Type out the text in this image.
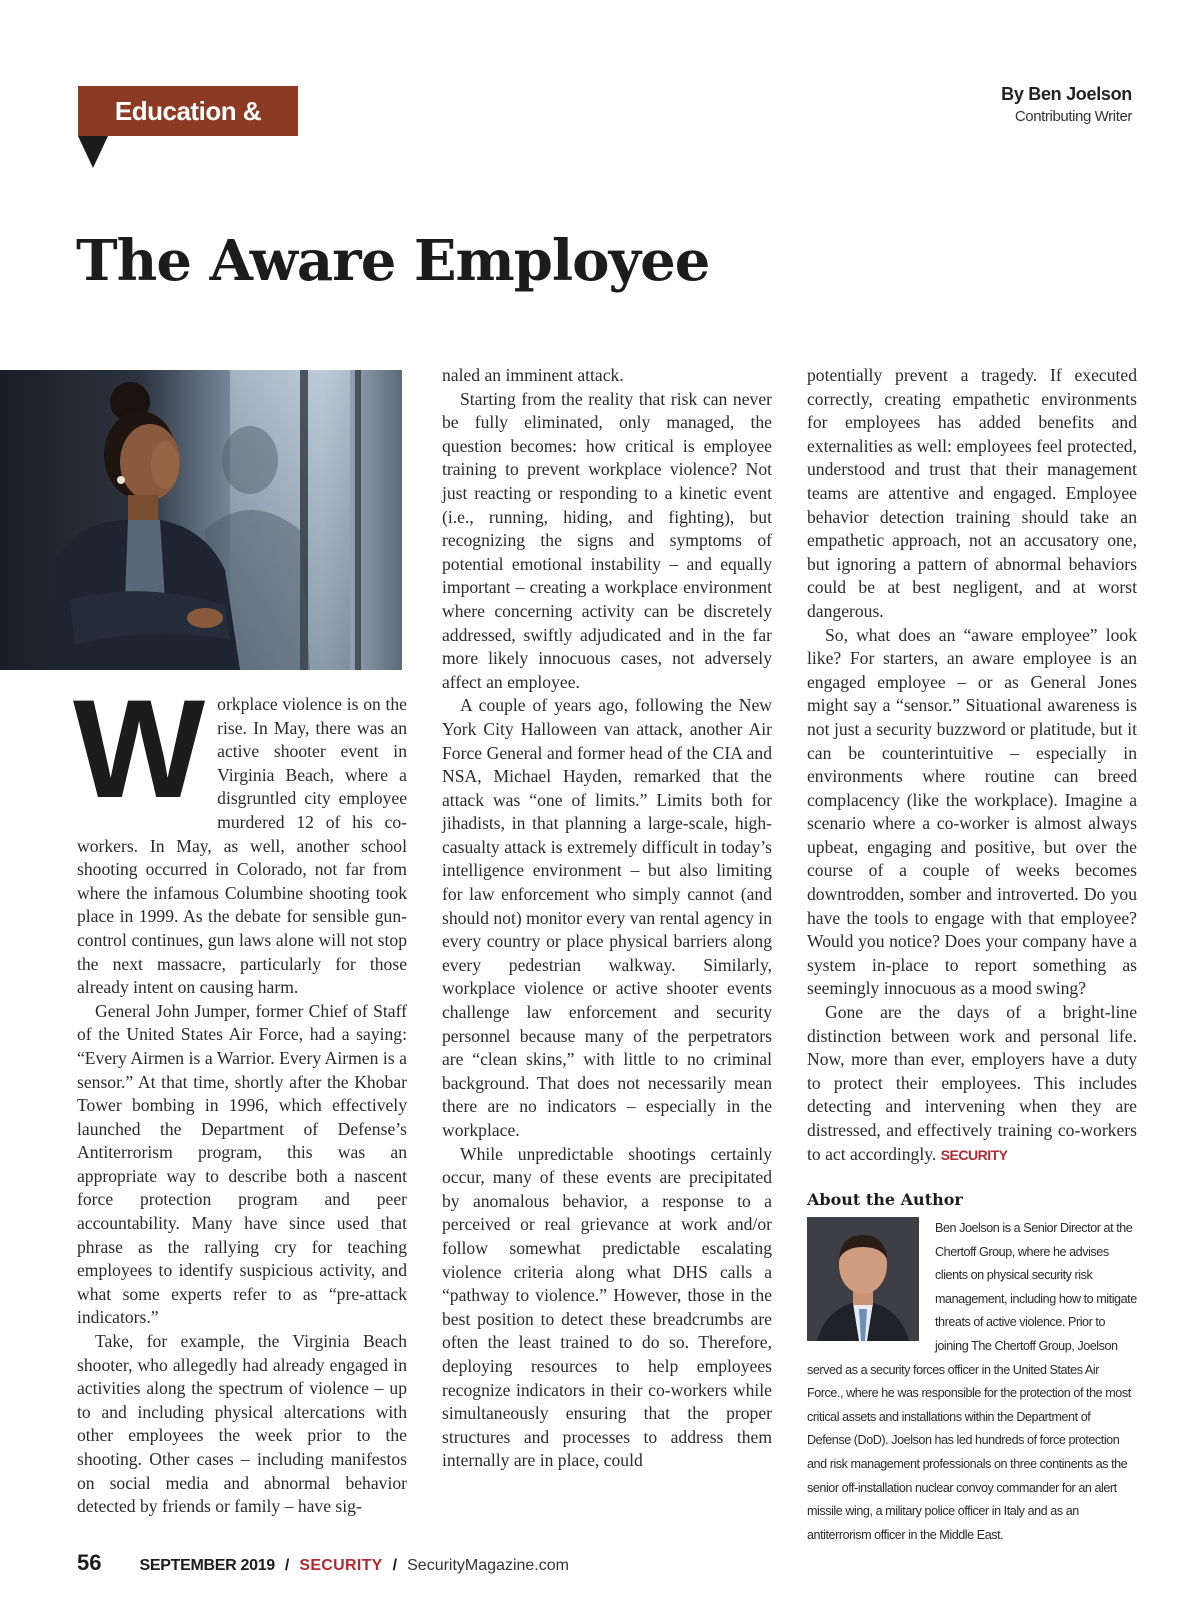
Education & Training
By Ben Joelson
Contributing Writer
The Aware Employee
W orkplace violence is on the rise. In May, there was an active shooter event in Virginia Beach, where a disgruntled city employee murdered 12 of his co-workers. In May, as well, another school shooting occurred in Colorado, not far from where the infamous Columbine shooting took place in 1999. As the debate for sensible gun-control continues, gun laws alone will not stop the next massacre, particularly for those already intent on causing harm.

General John Jumper, former Chief of Staff of the United States Air Force, had a saying: “Every Airmen is a Warrior. Every Airmen is a sensor.” At that time, shortly after the Khobar Tower bombing in 1996, which effectively launched the Department of Defense’s Antiterrorism program, this was an appropriate way to describe both a nascent force protection program and peer accountability. Many have since used that phrase as the rallying cry for teaching employees to identify suspicious activity, and what some experts refer to as “pre-attack indicators.”

Take, for example, the Virginia Beach shooter, who allegedly had already engaged in activities along the spectrum of violence – up to and including physical altercations with other employees the week prior to the shooting. Other cases – including manifestos on social media and abnormal behavior detected by friends or family – have sig-

naled an imminent attack.

Starting from the reality that risk can never be fully eliminated, only managed, the question becomes: how critical is employee training to prevent workplace violence? Not just reacting or responding to a kinetic event (i.e., running, hiding, and fighting), but recognizing the signs and symptoms of potential emotional instability – and equally important – creating a workplace environment where concerning activity can be discretely addressed, swiftly adjudicated and in the far more likely innocuous cases, not adversely affect an employee.

A couple of years ago, following the New York City Halloween van attack, another Air Force General and former head of the CIA and NSA, Michael Hayden, remarked that the attack was “one of limits.” Limits both for jihadists, in that planning a large-scale, high-casualty attack is extremely difficult in today’s intelligence environment – but also limiting for law enforcement who simply cannot (and should not) monitor every van rental agency in every country or place physical barriers along every pedestrian walkway. Similarly, workplace violence or active shooter events challenge law enforcement and security personnel because many of the perpetrators are “clean skins,” with little to no criminal background. That does not necessarily mean there are no indicators – especially in the workplace.

While unpredictable shootings certainly occur, many of these events are precipitated by anomalous behavior, a response to a perceived or real grievance at work and/or follow somewhat predictable escalating violence criteria along what DHS calls a “pathway to violence.” However, those in the best position to detect these breadcrumbs are often the least trained to do so. Therefore, deploying resources to help employees recognize indicators in their co-workers while simultaneously ensuring that the proper structures and processes to address them internally are in place, could

potentially prevent a tragedy. If executed correctly, creating empathetic environments for employees has added benefits and externalities as well: employees feel protected, understood and trust that their management teams are attentive and engaged. Employee behavior detection training should take an empathetic approach, not an accusatory one, but ignoring a pattern of abnormal behaviors could be at best negligent, and at worst dangerous.

So, what does an “aware employee” look like? For starters, an aware employee is an engaged employee – or as General Jones might say a “sensor.” Situational awareness is not just a security buzzword or platitude, but it can be counterintuitive – especially in environments where routine can breed complacency (like the workplace). Imagine a scenario where a co-worker is almost always upbeat, engaging and positive, but over the course of a couple of weeks becomes downtrodden, somber and introverted. Do you have the tools to engage with that employee? Would you notice? Does your company have a system in-place to report something as seemingly innocuous as a mood swing?

Gone are the days of a bright-line distinction between work and personal life. Now, more than ever, employers have a duty to protect their employees. This includes detecting and intervening when they are distressed, and effectively training co-workers to act accordingly. SECURITY

About the Author
Ben Joelson is a Senior Director at the Chertoff Group, where he advises clients on physical security risk management, including how to mitigate threats of active violence. Prior to joining The Chertoff Group, Joelson served as a security forces officer in the United States Air Force., where he was responsible for the protection of the most critical assets and installations within the Department of Defense (DoD). Joelson has led hundreds of force protection and risk management professionals on three continents as the senior off-installation nuclear convoy commander for an alert missile wing, a military police officer in Italy and as an antiterrorism officer in the Middle East.
56 SEPTEMBER 2019 / SECURITY / SecurityMagazine.com
